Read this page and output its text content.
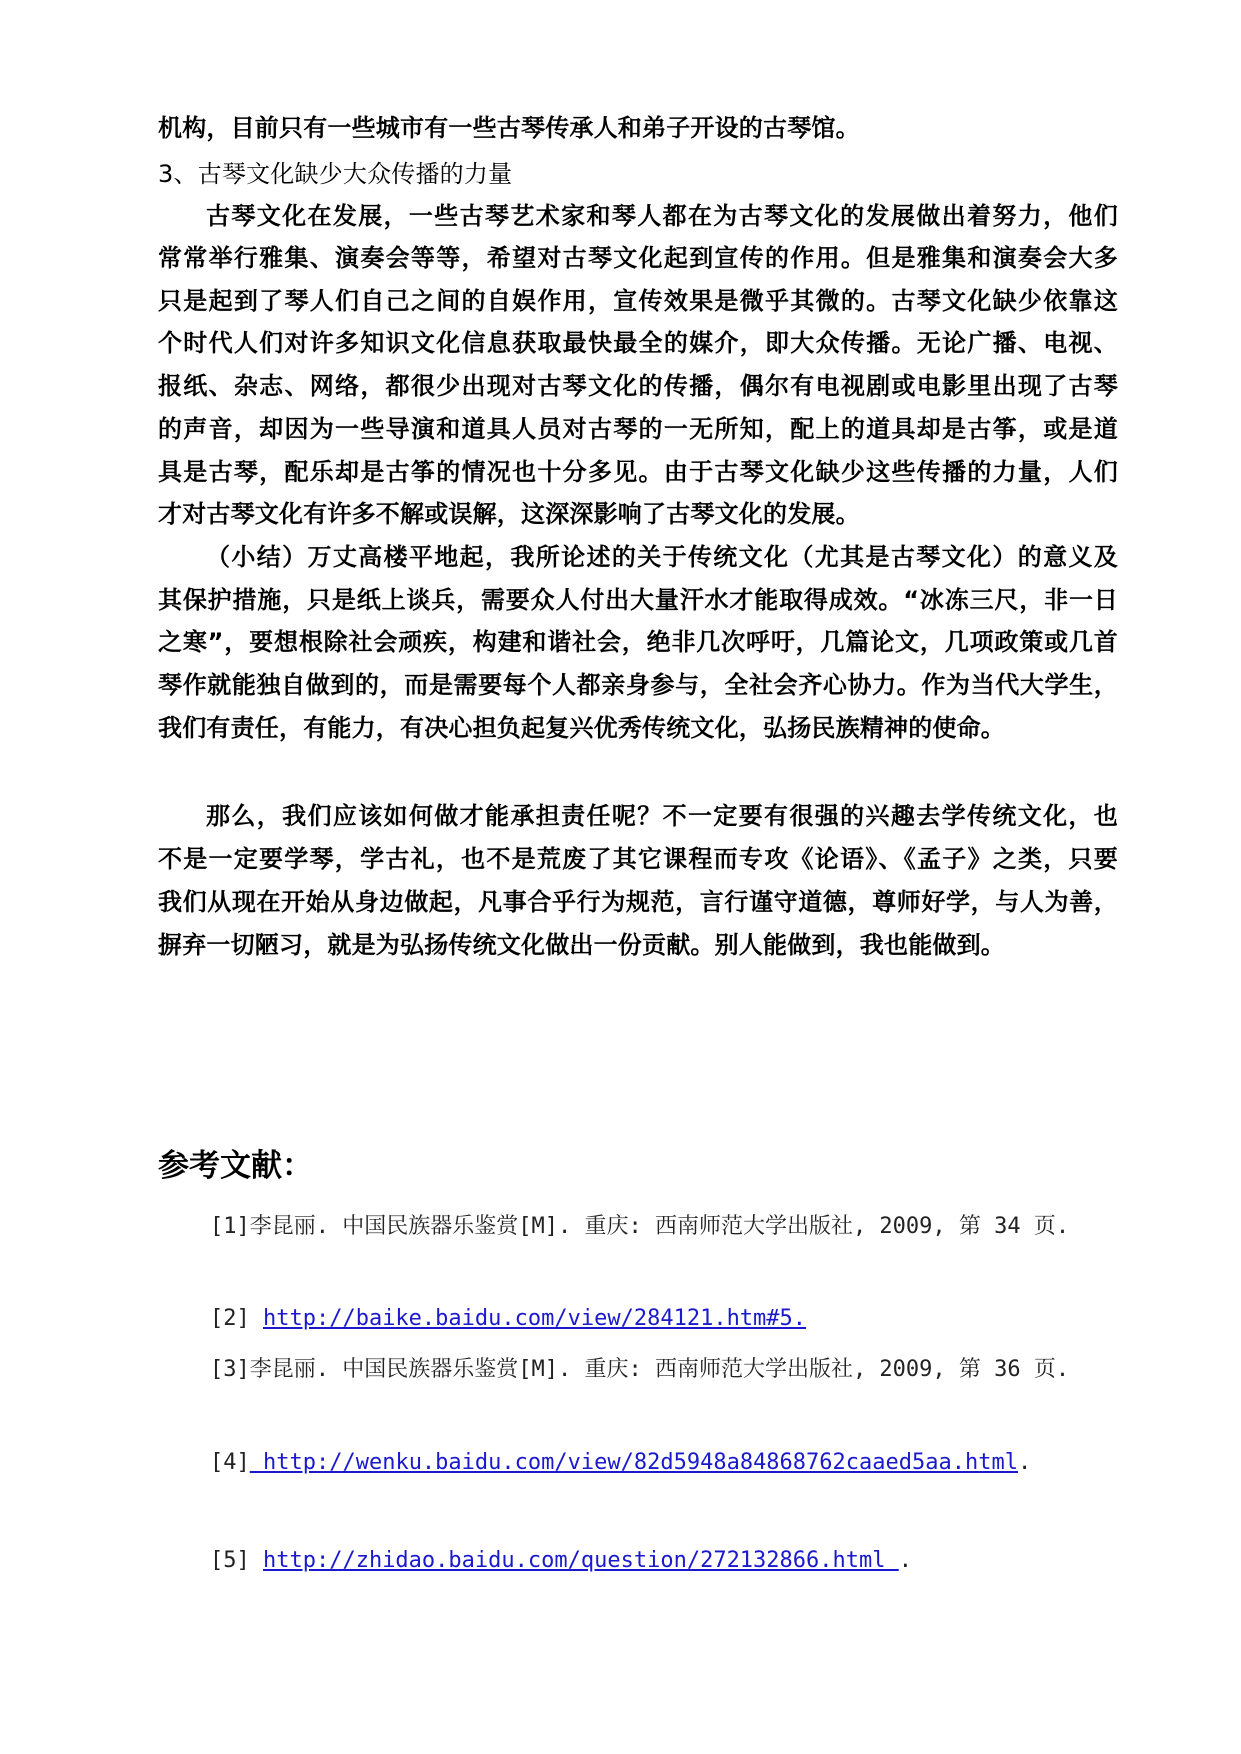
机构，目前只有一些城市有一些古琴传承人和弟子开设的古琴馆。
3、古琴文化缺少大众传播的力量
古琴文化在发展，一些古琴艺术家和琴人都在为古琴文化的发展做出着努力，他们
常常举行雅集、演奏会等等，希望对古琴文化起到宣传的作用。但是雅集和演奏会大多
只是起到了琴人们自己之间的自娱作用，宣传效果是微乎其微的。古琴文化缺少依靠这
个时代人们对许多知识文化信息获取最快最全的媒介，即大众传播。无论广播、电视、
报纸、杂志、网络，都很少出现对古琴文化的传播，偶尔有电视剧或电影里出现了古琴
的声音，却因为一些导演和道具人员对古琴的一无所知，配上的道具却是古筝，或是道
具是古琴，配乐却是古筝的情况也十分多见。由于古琴文化缺少这些传播的力量，人们
才对古琴文化有许多不解或误解，这深深影响了古琴文化的发展。
（小结）万丈高楼平地起，我所论述的关于传统文化（尤其是古琴文化）的意义及
其保护措施，只是纸上谈兵，需要众人付出大量汗水才能取得成效。“冰冻三尺，非一日
之寒”，要想根除社会顽疾，构建和谐社会，绝非几次呼吁，几篇论文，几项政策或几首
琴作就能独自做到的，而是需要每个人都亲身参与，全社会齐心协力。作为当代大学生，
我们有责任，有能力，有决心担负起复兴优秀传统文化，弘扬民族精神的使命。
那么，我们应该如何做才能承担责任呢？不一定要有很强的兴趣去学传统文化，也
不是一定要学琴，学古礼，也不是荒废了其它课程而专攻《论语》、《孟子》之类，只要
我们从现在开始从身边做起，凡事合乎行为规范，言行谨守道德，尊师好学，与人为善，
摒弃一切陋习，就是为弘扬传统文化做出一份贡献。别人能做到，我也能做到。
参考文献：
[1]李昆丽. 中国民族器乐鉴赏[M]. 重庆: 西南师范大学出版社, 2009, 第 34 页.
[2] http://baike.baidu.com/view/284121.htm#5.
[3]李昆丽. 中国民族器乐鉴赏[M]. 重庆: 西南师范大学出版社, 2009, 第 36 页.
[4] http://wenku.baidu.com/view/82d5948a84868762caaed5aa.html.
[5] http://zhidao.baidu.com/question/272132866.html .
